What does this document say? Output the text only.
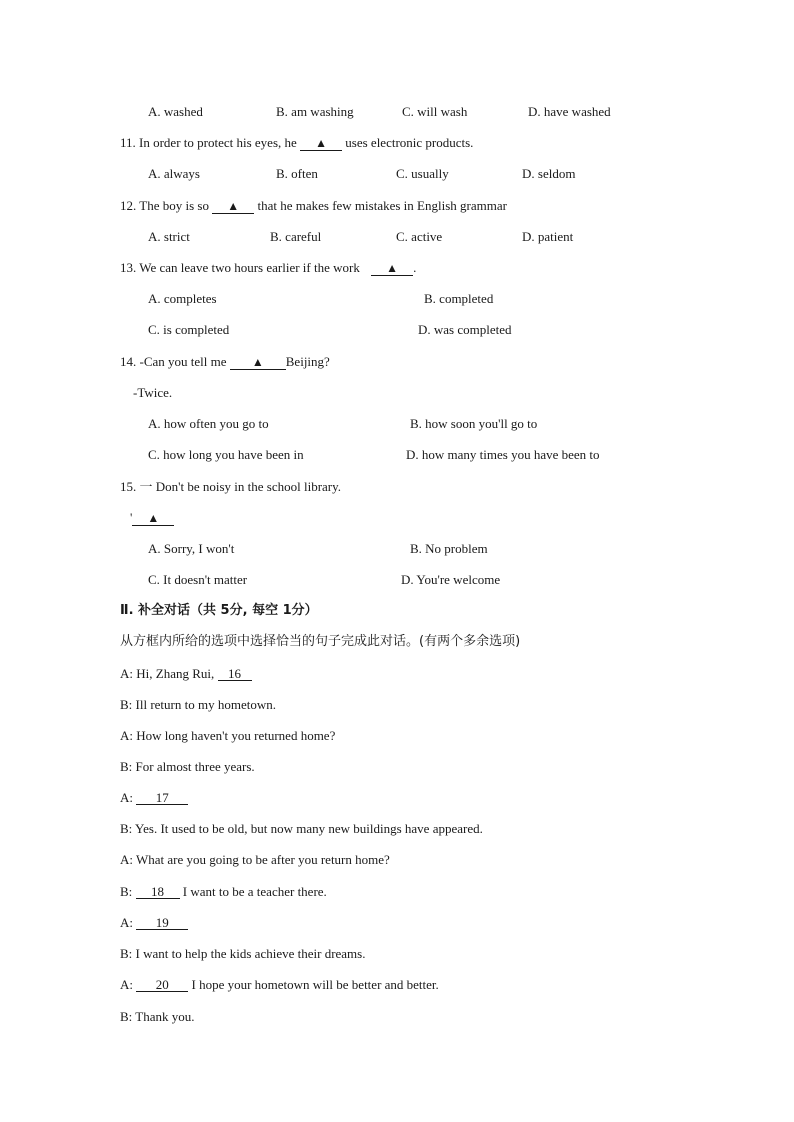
A. washed	B. am washing	C. will wash	D. have washed
11. In order to protect his eyes, he ▲ uses electronic products.
A. always	B. often	C. usually	D. seldom
12. The boy is so ▲ that he makes few mistakes in English grammar
A. strict	B. careful	C. active	D. patient
13. We can leave two hours earlier if the work ▲ .
A. completes	B. completed
C. is completed	D. was completed
14. -Can you tell me ▲ Beijing?
-Twice.
A. how often you go to	B. how soon you'll go to
C. how long you have been in	D. how many times you have been to
15. 一 Don't be noisy in the school library.
' ▲
A. Sorry, I won't	B. No problem
C. It doesn't matter	D. You're welcome
Ⅱ. 补全对话（共 5分, 每空 1分）
从方框内所给的选项中选择恰当的句子完成此对话。(有两个多余选项)
A: Hi, Zhang Rui, 16
B: Ill return to my hometown.
A: How long haven't you returned home?
B: For almost three years.
A: 17
B: Yes. It used to be old, but now many new buildings have appeared.
A: What are you going to be after you return home?
B: 18 I want to be a teacher there.
A: 19
B: I want to help the kids achieve their dreams.
A: 20 I hope your hometown will be better and better.
B: Thank you.
